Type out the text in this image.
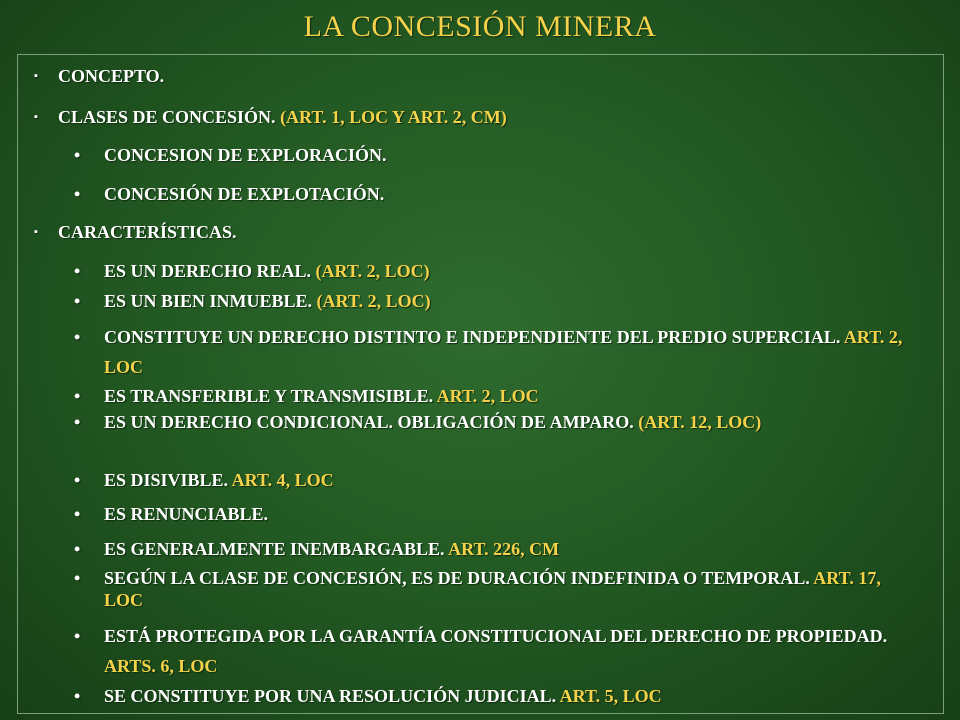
LA CONCESIÓN MINERA
▪	CONCEPTO.
▪	CLASES DE CONCESIÓN. (ART. 1, LOC Y ART. 2, CM)
•	CONCESION DE EXPLORACIÓN.
•	CONCESIÓN DE EXPLOTACIÓN.
▪	CARACTERÍSTICAS.
•	ES UN DERECHO REAL. (ART. 2, LOC)
•	ES UN BIEN INMUEBLE. (ART. 2, LOC)
•	CONSTITUYE UN DERECHO DISTINTO E INDEPENDIENTE DEL PREDIO SUPERCIAL. ART. 2, LOC
•	ES TRANSFERIBLE Y TRANSMISIBLE. ART. 2, LOC
•	ES UN DERECHO CONDICIONAL. OBLIGACIÓN DE AMPARO. (ART. 12, LOC)
•	ES DISIVIBLE. ART. 4, LOC
•	ES RENUNCIABLE.
•	ES GENERALMENTE INEMBARGABLE. ART. 226, CM
•	SEGÚN LA CLASE DE CONCESIÓN, ES DE DURACIÓN INDEFINIDA O TEMPORAL. ART. 17, LOC
•	ESTÁ PROTEGIDA POR LA GARANTÍA CONSTITUCIONAL DEL DERECHO DE PROPIEDAD. ARTS. 6, LOC
•	SE CONSTITUYE POR UNA RESOLUCIÓN JUDICIAL. ART. 5, LOC
